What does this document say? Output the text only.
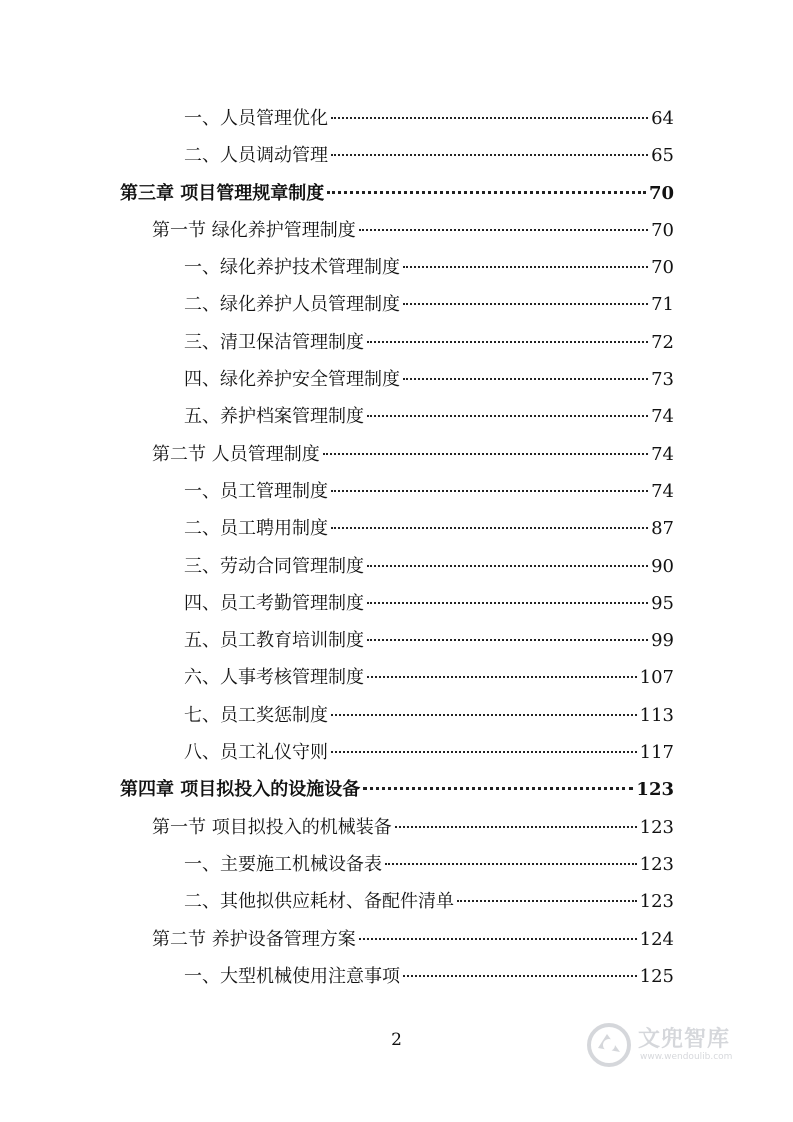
一、人员管理优化	64
二、人员调动管理	65
第三章 项目管理规章制度	70
第一节 绿化养护管理制度	70
一、绿化养护技术管理制度	70
二、绿化养护人员管理制度	71
三、清卫保洁管理制度	72
四、绿化养护安全管理制度	73
五、养护档案管理制度	74
第二节 人员管理制度	74
一、员工管理制度	74
二、员工聘用制度	87
三、劳动合同管理制度	90
四、员工考勤管理制度	95
五、员工教育培训制度	99
六、人事考核管理制度	107
七、员工奖惩制度	113
八、员工礼仪守则	117
第四章 项目拟投入的设施设备	123
第一节 项目拟投入的机械装备	123
一、主要施工机械设备表	123
二、其他拟供应耗材、备配件清单	123
第二节 养护设备管理方案	124
一、大型机械使用注意事项	125
2	文兜智库
www.wendoulib.com
